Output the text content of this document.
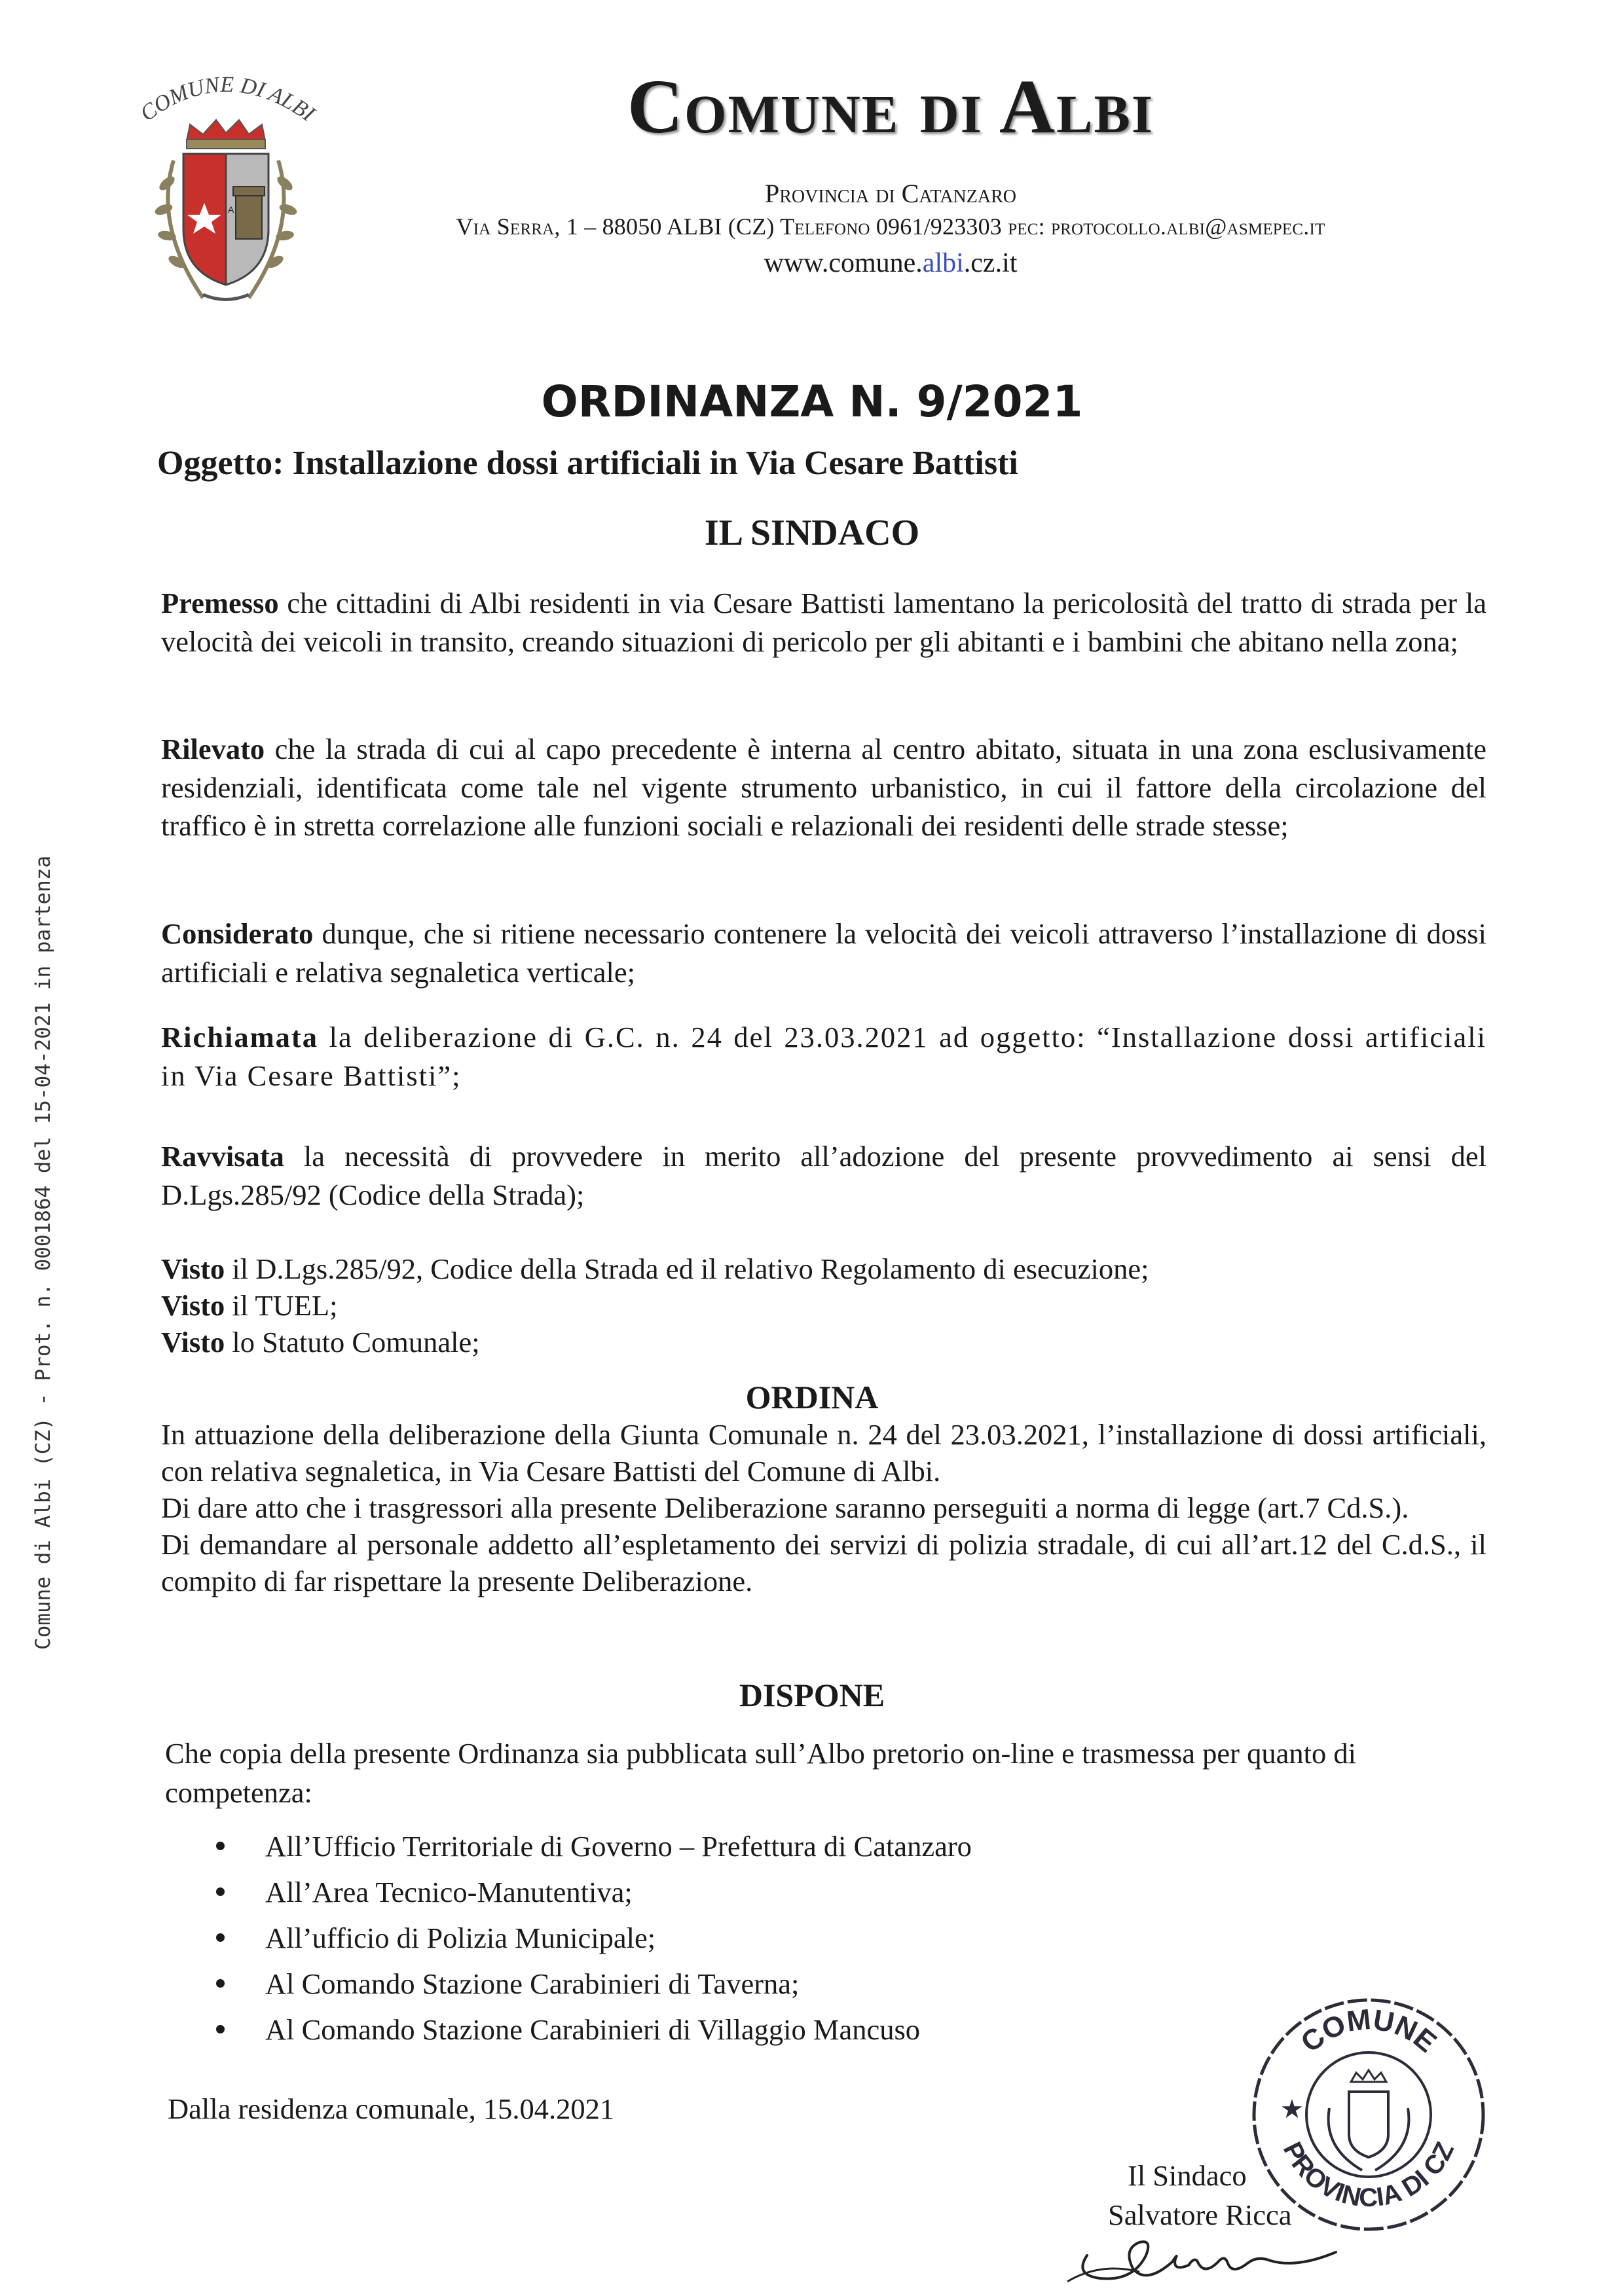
COMUNE DI ALBI
A
Comune di Albi
Provincia di Catanzaro
Via Serra, 1 – 88050 ALBI (CZ) Telefono 0961/923303 pec: protocollo.albi@asmepec.it
www.comune.albi.cz.it
Comune di Albi (CZ) - Prot. n. 0001864 del 15-04-2021 in partenza
ORDINANZA N. 9/2021
Oggetto: Installazione dossi artificiali in Via Cesare Battisti
IL SINDACO

Premesso che cittadini di Albi residenti in via Cesare Battisti lamentano la pericolosità del tratto di strada per la velocità dei veicoli in transito, creando situazioni di pericolo per gli abitanti e i bambini che abitano nella zona;

Rilevato che la strada di cui al capo precedente è interna al centro abitato, situata in una zona esclusivamente residenziali, identificata come tale nel vigente strumento urbanistico, in cui il fattore della circolazione del traffico è in stretta correlazione alle funzioni sociali e relazionali dei residenti delle strade stesse;

Considerato dunque, che si ritiene necessario contenere la velocità dei veicoli attraverso l’installazione di dossi artificiali e relativa segnaletica verticale;

Richiamata la deliberazione di G.C. n. 24 del 23.03.2021 ad oggetto: “Installazione dossi artificiali in Via Cesare Battisti”;

Ravvisata la necessità di provvedere in merito all’adozione del presente provvedimento ai sensi del D.Lgs.285/92 (Codice della Strada);

Visto il D.Lgs.285/92, Codice della Strada ed il relativo Regolamento di esecuzione;
Visto il TUEL;
Visto lo Statuto Comunale;
ORDINA

In attuazione della deliberazione della Giunta Comunale n. 24 del 23.03.2021, l’installazione di dossi artificiali, con relativa segnaletica, in Via Cesare Battisti del Comune di Albi.

Di dare atto che i trasgressori alla presente Deliberazione saranno perseguiti a norma di legge (art.7 Cd.S.).

Di demandare al personale addetto all’espletamento dei servizi di polizia stradale, di cui all’art.12 del C.d.S., il compito di far rispettare la presente Deliberazione.

DISPONE
Che copia della presente Ordinanza sia pubblicata sull’Albo pretorio on-line e trasmessa per quanto di competenza:
All’Ufficio Territoriale di Governo – Prefettura di Catanzaro
All’Area Tecnico-Manutentiva;
All’ufficio di Polizia Municipale;
Al Comando Stazione Carabinieri di Taverna;
Al Comando Stazione Carabinieri di Villaggio Mancuso
Dalla residenza comunale, 15.04.2021
COMUNE
PROVINCIA DI CZ
★
Il Sindaco
Salvatore Ricca
